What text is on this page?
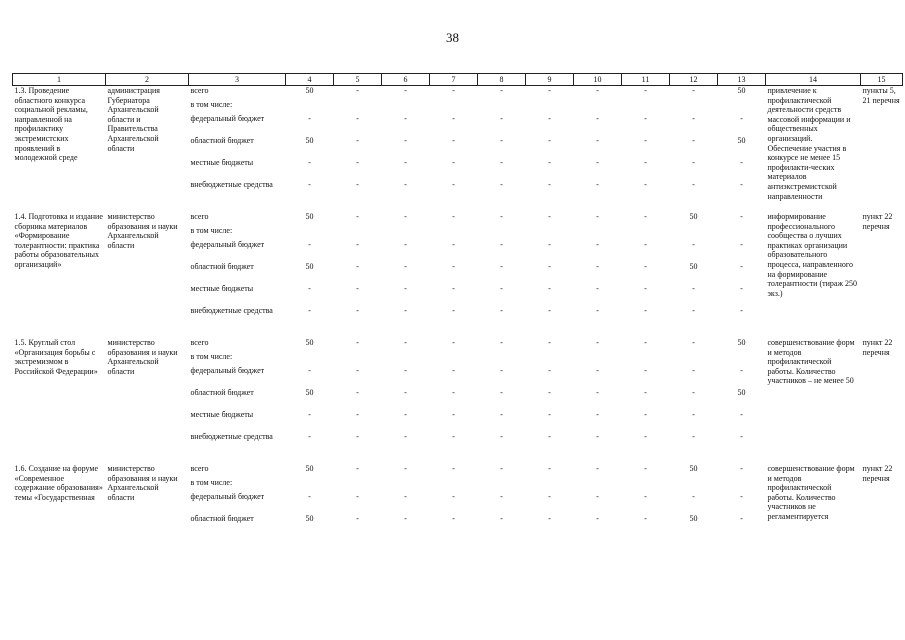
38
1	2	3	4	5	6	7	8	9	10	11	12	13	14	15
1.3. Проведение областного конкурса социальной рекламы, направленной на профилактику экстремистских проявлений в молодежной среде	администрация Губернатора Архангельской области и Правительства Архангельской области	всего	50	-	-	-	-	-	-	-	-	50	привлечение к профилактической деятельности средств массовой информации и общественных организаций. Обеспечение участия в конкурсе не менее 15 профилакти-ческих материалов антиэкстремистской направленности	пункты 5, 21 перечня
		в том числе:												
		федеральный бюджет	-	-	-	-	-	-	-	-	-	-		
		областной бюджет	50	-	-	-	-	-	-	-	-	50		
		местные бюджеты	-	-	-	-	-	-	-	-	-	-		
		внебюджетные средства	-	-	-	-	-	-	-	-	-	-		

1.4. Подготовка и издание сборника материалов «Формирование толерантности: практика работы образовательных организаций»	министерство образования и науки Архангельской области	всего	50	-	-	-	-	-	-	-	50	-	информирование профессионального сообщества о лучших практиках организации образовательного процесса, направленного на формирование толерантности (тираж 250 экз.)	пункт 22 перечня
		в том числе:												
		федеральный бюджет	-	-	-	-	-	-	-	-	-	-		
		областной бюджет	50	-	-	-	-	-	-	-	50	-		
		местные бюджеты	-	-	-	-	-	-	-	-	-	-		
		внебюджетные средства	-	-	-	-	-	-	-	-	-	-		

1.5. Круглый стол «Организация борьбы с экстремизмом в Российской Федерации»	министерство образования и науки Архангельской области	всего	50	-	-	-	-	-	-	-	-	50	совершенствование форм и методов профилактической работы. Количество участников – не менее 50	пункт 22 перечня
		в том числе:												
		федеральный бюджет	-	-	-	-	-	-	-	-	-	-		
		областной бюджет	50	-	-	-	-	-	-	-	-	50		
		местные бюджеты	-	-	-	-	-	-	-	-	-	-		
		внебюджетные средства	-	-	-	-	-	-	-	-	-	-		

1.6. Создание на форуме «Современное содержание образования» темы «Государственная	министерство образования и науки Архангельской области	всего	50	-	-	-	-	-	-	-	50	-	совершенствование форм и методов профилактической работы. Количество участников не регламентируется	пункт 22 перечня
		в том числе:												
		федеральный бюджет	-	-	-	-	-	-	-	-	-	-		
		областной бюджет	50	-	-	-	-	-	-	-	50	-		
